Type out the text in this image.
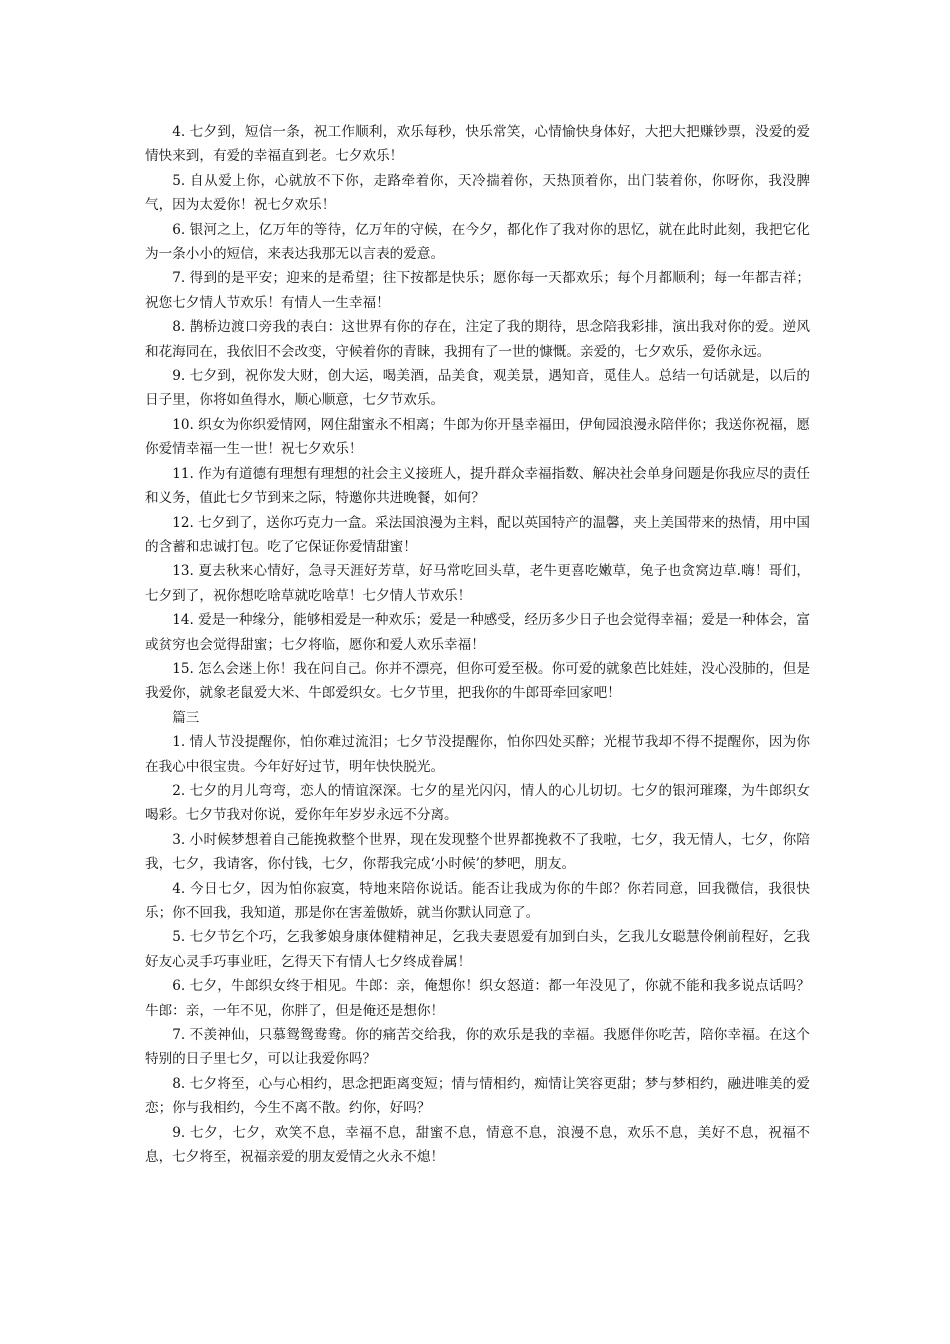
4. 七夕到，短信一条，祝工作顺利，欢乐每秒，快乐常笑，心情愉快身体好，大把大把赚钞票，没爱的爱情快来到，有爱的幸福直到老。七夕欢乐！

5. 自从爱上你，心就放不下你，走路牵着你，天冷揣着你，天热顶着你，出门装着你，你呀你，我没脾气，因为太爱你！祝七夕欢乐！

6. 银河之上，亿万年的等待，亿万年的守候，在今夕，都化作了我对你的思忆，就在此时此刻，我把它化为一条小小的短信，来表达我那无以言表的爱意。

7. 得到的是平安；迎来的是希望；往下按都是快乐；愿你每一天都欢乐；每个月都顺利；每一年都吉祥；祝您七夕情人节欢乐！有情人一生幸福！

8. 鹊桥边渡口旁我的表白：这世界有你的存在，注定了我的期待，思念陪我彩排，演出我对你的爱。逆风和花海同在，我依旧不会改变，守候着你的青睐，我拥有了一世的慷慨。亲爱的，七夕欢乐，爱你永远。

9. 七夕到，祝你发大财，创大运，喝美酒，品美食，观美景，遇知音，觅佳人。总结一句话就是，以后的日子里，你将如鱼得水，顺心顺意，七夕节欢乐。

10. 织女为你织爱情网，网住甜蜜永不相离；牛郎为你开垦幸福田，伊甸园浪漫永陪伴你；我送你祝福，愿你爱情幸福一生一世！祝七夕欢乐！

11. 作为有道德有理想有理想的社会主义接班人，提升群众幸福指数、解决社会单身问题是你我应尽的责任和义务，值此七夕节到来之际，特邀你共进晚餐，如何？

12. 七夕到了，送你巧克力一盒。采法国浪漫为主料，配以英国特产的温馨，夹上美国带来的热情，用中国的含蓄和忠诚打包。吃了它保证你爱情甜蜜！

13. 夏去秋来心情好，急寻天涯好芳草，好马常吃回头草，老牛更喜吃嫩草，兔子也贪窝边草.嗨！哥们，七夕到了，祝你想吃啥草就吃啥草！七夕情人节欢乐！

14. 爱是一种缘分，能够相爱是一种欢乐；爱是一种感受，经历多少日子也会觉得幸福；爱是一种体会，富或贫穷也会觉得甜蜜；七夕将临，愿你和爱人欢乐幸福！

15. 怎么会迷上你！我在问自己。你并不漂亮，但你可爱至极。你可爱的就象芭比娃娃，没心没肺的，但是我爱你，就象老鼠爱大米、牛郎爱织女。七夕节里，把我你的牛郎哥牵回家吧！

篇三

1. 情人节没提醒你，怕你难过流泪；七夕节没提醒你，怕你四处买醉；光棍节我却不得不提醒你，因为你在我心中很宝贵。今年好好过节，明年快快脱光。

2. 七夕的月儿弯弯，恋人的情谊深深。七夕的星光闪闪，情人的心儿切切。七夕的银河璀璨，为牛郎织女喝彩。七夕节我对你说，爱你年年岁岁永远不分离。

3. 小时候梦想着自己能挽救整个世界，现在发现整个世界都挽救不了我啦，七夕，我无情人，七夕，你陪我，七夕，我请客，你付钱，七夕，你帮我完成‘小时候’的梦吧，朋友。

4. 今日七夕，因为怕你寂寞，特地来陪你说话。能否让我成为你的牛郎？你若同意，回我微信，我很快乐；你不回我，我知道，那是你在害羞傲娇，就当你默认同意了。

5. 七夕节乞个巧，乞我爹娘身康体健精神足，乞我夫妻恩爱有加到白头，乞我儿女聪慧伶俐前程好，乞我好友心灵手巧事业旺，乞得天下有情人七夕终成眷属！

6. 七夕，牛郎织女终于相见。牛郎：亲，俺想你！织女怒道：都一年没见了，你就不能和我多说点话吗？牛郎：亲，一年不见，你胖了，但是俺还是想你！

7. 不羡神仙，只慕鸳鸳鸯鸯。你的痛苦交给我，你的欢乐是我的幸福。我愿伴你吃苦，陪你幸福。在这个特别的日子里七夕，可以让我爱你吗？

8. 七夕将至，心与心相约，思念把距离变短；情与情相约，痴情让笑容更甜；梦与梦相约，融进唯美的爱恋；你与我相约，今生不离不散。约你，好吗？

9. 七夕，七夕，欢笑不息，幸福不息，甜蜜不息，情意不息，浪漫不息，欢乐不息，美好不息，祝福不息，七夕将至，祝福亲爱的朋友爱情之火永不熄！
